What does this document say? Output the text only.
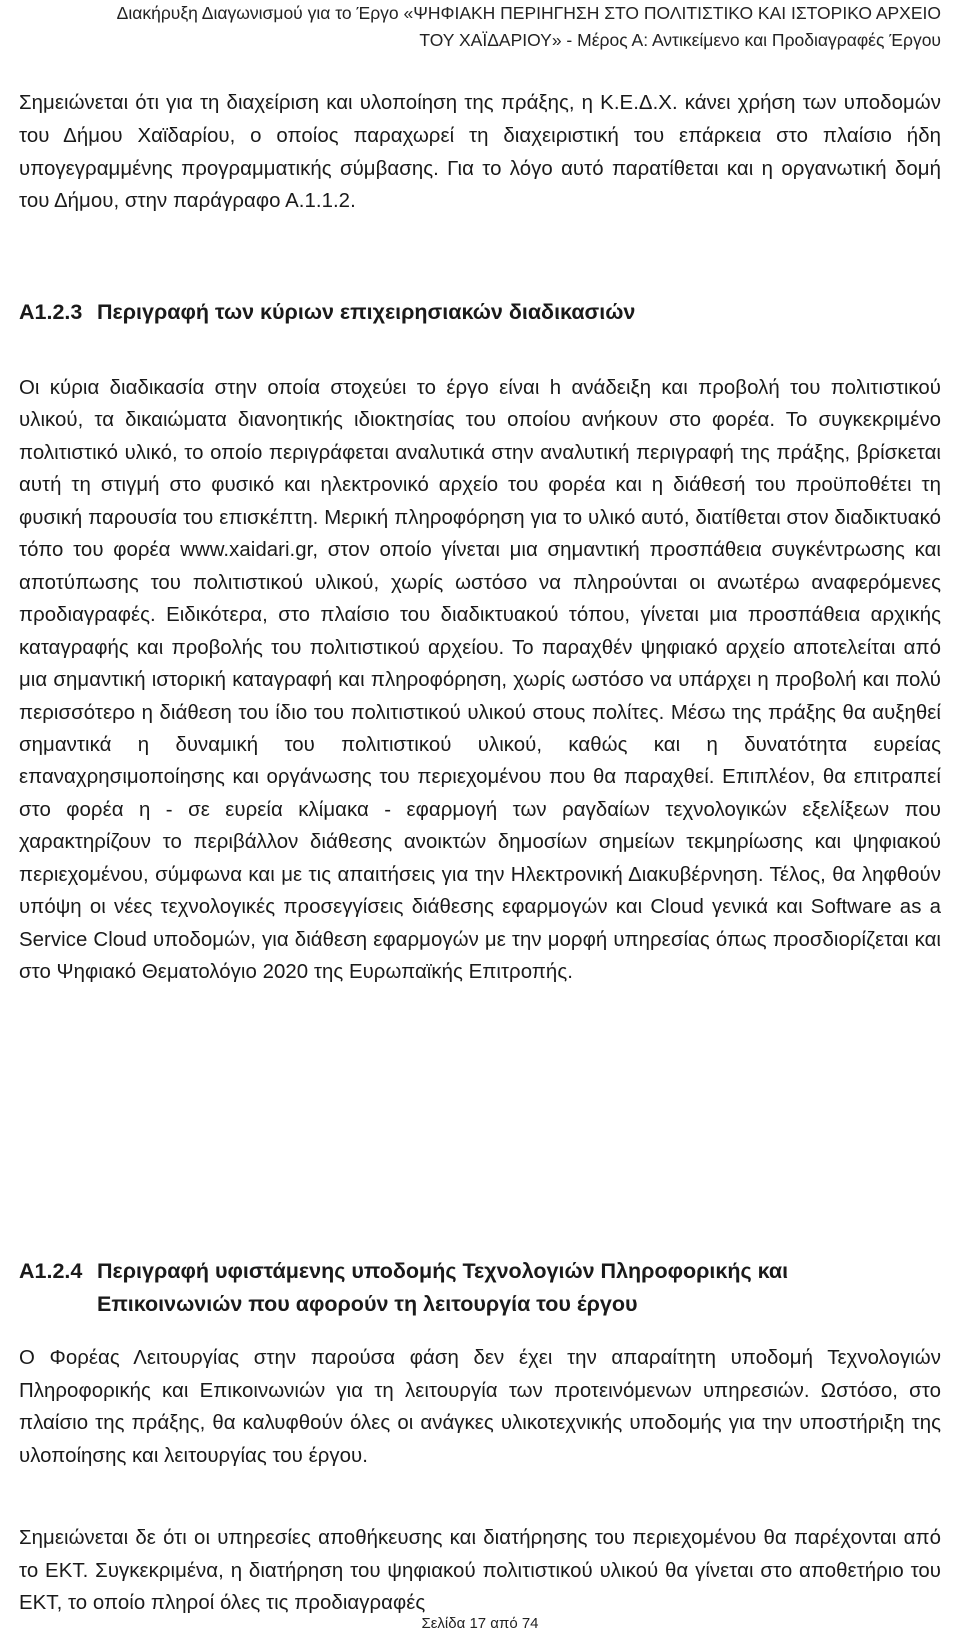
Διακήρυξη Διαγωνισμού για το Έργο «ΨΗΦΙΑΚΗ ΠΕΡΙΗΓΗΣΗ ΣΤΟ ΠΟΛΙΤΙΣΤΙΚΟ ΚΑΙ ΙΣΤΟΡΙΚΟ ΑΡΧΕΙΟ
ΤΟΥ ΧΑΪΔΑΡΙΟΥ» - Μέρος Α: Αντικείμενο και Προδιαγραφές Έργου

Σημειώνεται ότι για τη διαχείριση και υλοποίηση της πράξης, η Κ.Ε.Δ.Χ. κάνει χρήση των υποδομών του Δήμου Χαϊδαρίου, ο οποίος παραχωρεί τη διαχειριστική του επάρκεια στο πλαίσιο ήδη υπογεγραμμένης προγραμματικής σύμβασης. Για το λόγο αυτό παρατίθεται και η οργανωτική δομή του Δήμου, στην παράγραφο Α.1.1.2.

A1.2.3 Περιγραφή των κύριων επιχειρησιακών διαδικασιών

Οι κύρια διαδικασία στην οποία στοχεύει το έργο είναι h ανάδειξη και προβολή του πολιτιστικού υλικού, τα δικαιώματα διανοητικής ιδιοκτησίας του οποίου ανήκουν στο φορέα. Το συγκεκριμένο πολιτιστικό υλικό, το οποίο περιγράφεται αναλυτικά στην αναλυτική περιγραφή της πράξης, βρίσκεται αυτή τη στιγμή στο φυσικό και ηλεκτρονικό αρχείο του φορέα και η διάθεσή του προϋποθέτει τη φυσική παρουσία του επισκέπτη. Μερική πληροφόρηση για το υλικό αυτό, διατίθεται στον διαδικτυακό τόπο του φορέα www.xaidari.gr, στον οποίο γίνεται μια σημαντική προσπάθεια συγκέντρωσης και αποτύπωσης του πολιτιστικού υλικού, χωρίς ωστόσο να πληρούνται οι ανωτέρω αναφερόμενες προδιαγραφές. Ειδικότερα, στο πλαίσιο του διαδικτυακού τόπου, γίνεται μια προσπάθεια αρχικής καταγραφής και προβολής του πολιτιστικού αρχείου. Το παραχθέν ψηφιακό αρχείο αποτελείται από μια σημαντική ιστορική καταγραφή και πληροφόρηση, χωρίς ωστόσο να υπάρχει η προβολή και πολύ περισσότερο η διάθεση του ίδιο του πολιτιστικού υλικού στους πολίτες. Μέσω της πράξης θα αυξηθεί σημαντικά η δυναμική του πολιτιστικού υλικού, καθώς και η δυνατότητα ευρείας επαναχρησιμοποίησης και οργάνωσης του περιεχομένου που θα παραχθεί. Επιπλέον, θα επιτραπεί στο φορέα η - σε ευρεία κλίμακα - εφαρμογή των ραγδαίων τεχνολογικών εξελίξεων που χαρακτηρίζουν το περιβάλλον διάθεσης ανοικτών δημοσίων σημείων τεκμηρίωσης και ψηφιακού περιεχομένου, σύμφωνα και με τις απαιτήσεις για την Ηλεκτρονική Διακυβέρνηση. Τέλος, θα ληφθούν υπόψη οι νέες τεχνολογικές προσεγγίσεις διάθεσης εφαρμογών και Cloud γενικά και Software as a Service Cloud υποδομών, για διάθεση εφαρμογών με την μορφή υπηρεσίας όπως προσδιορίζεται και στο Ψηφιακό Θεματολόγιο 2020 της Ευρωπαϊκής Επιτροπής.

A1.2.4 Περιγραφή υφιστάμενης υποδομής Τεχνολογιών Πληροφορικής και
Επικοινωνιών που αφορούν τη λειτουργία του έργου

Ο Φορέας Λειτουργίας στην παρούσα φάση δεν έχει την απαραίτητη υποδομή Τεχνολογιών Πληροφορικής και Επικοινωνιών για τη λειτουργία των προτεινόμενων υπηρεσιών. Ωστόσο, στο πλαίσιο της πράξης, θα καλυφθούν όλες οι ανάγκες υλικοτεχνικής υποδομής για την υποστήριξη της υλοποίησης και λειτουργίας του έργου.

Σημειώνεται δε ότι οι υπηρεσίες αποθήκευσης και διατήρησης του περιεχομένου θα παρέχονται από το ΕΚΤ. Συγκεκριμένα, η διατήρηση του ψηφιακού πολιτιστικού υλικού θα γίνεται στο αποθετήριο του ΕΚΤ, το οποίο πληροί όλες τις προδιαγραφές

Σελίδα 17 από 74
